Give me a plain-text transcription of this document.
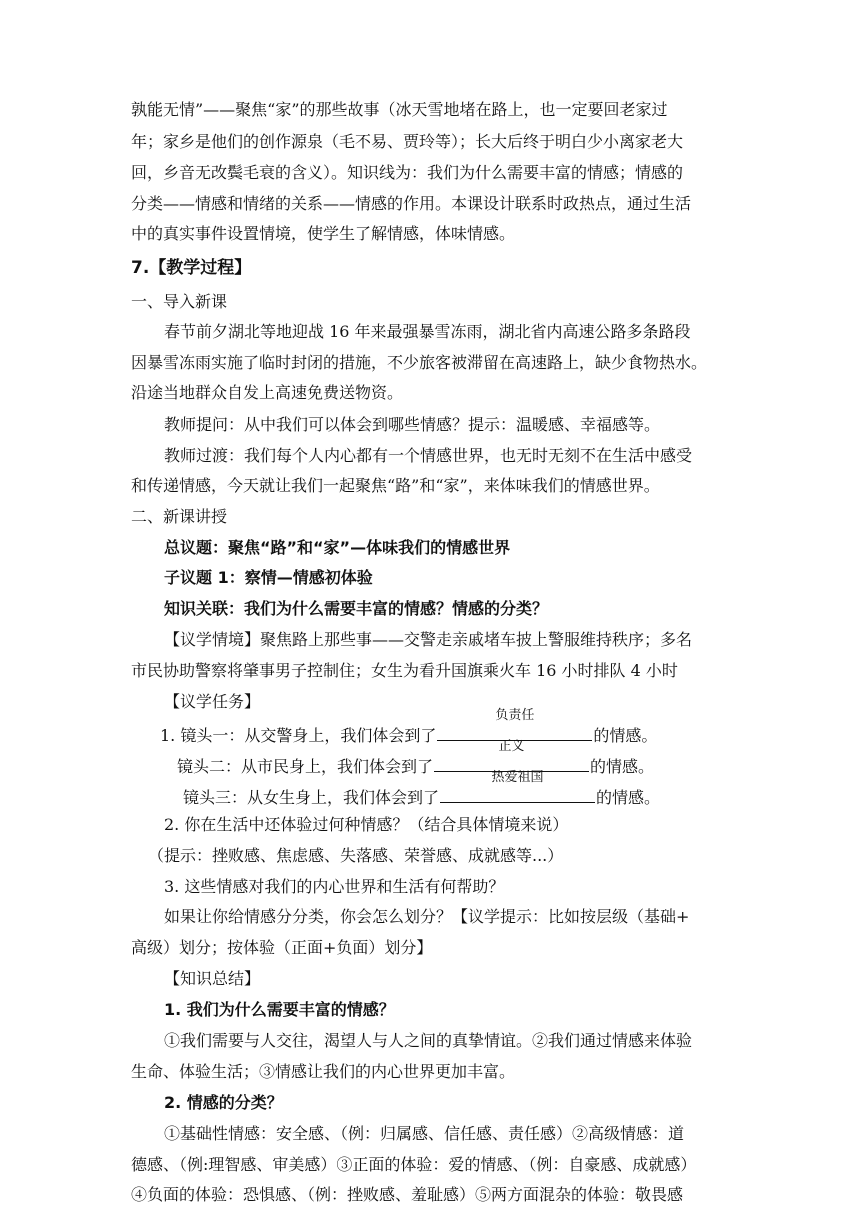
孰能无情”——聚焦“家”的那些故事（冰天雪地堵在路上，也一定要回老家过
年；家乡是他们的创作源泉（毛不易、贾玲等）；长大后终于明白少小离家老大
回，乡音无改鬓毛衰的含义）。知识线为：我们为什么需要丰富的情感；情感的
分类——情感和情绪的关系——情感的作用。本课设计联系时政热点，通过生活
中的真实事件设置情境，使学生了解情感，体味情感。
7.【教学过程】
一、导入新课
春节前夕湖北等地迎战 16 年来最强暴雪冻雨，湖北省内高速公路多条路段
因暴雪冻雨实施了临时封闭的措施，不少旅客被滞留在高速路上，缺少食物热水。
沿途当地群众自发上高速免费送物资。
教师提问：从中我们可以体会到哪些情感？提示：温暖感、幸福感等。
教师过渡：我们每个人内心都有一个情感世界，也无时无刻不在生活中感受
和传递情感，今天就让我们一起聚焦“路”和“家”，来体味我们的情感世界。
二、新课讲授
总议题：聚焦“路”和“家”—体味我们的情感世界
子议题 1：察情—情感初体验
知识关联：我们为什么需要丰富的情感？情感的分类？
【议学情境】聚焦路上那些事——交警走亲戚堵车披上警服维持秩序；多名
市民协助警察将肇事男子控制住；女生为看升国旗乘火车 16 小时排队 4 小时
【议学任务】
1. 镜头一：从交警身上，我们体会到了
负责任
的情感。
镜头二：从市民身上，我们体会到了
正义
的情感。
镜头三：从女生身上，我们体会到了
热爱祖国
的情感。
2. 你在生活中还体验过何种情感？（结合具体情境来说）
（提示：挫败感、焦虑感、失落感、荣誉感、成就感等...）
3. 这些情感对我们的内心世界和生活有何帮助？
如果让你给情感分分类，你会怎么划分？【议学提示：比如按层级（基础+
高级）划分；按体验（正面+负面）划分】
【知识总结】
1. 我们为什么需要丰富的情感？
①我们需要与人交往，渴望人与人之间的真挚情谊。②我们通过情感来体验
生命、体验生活；③情感让我们的内心世界更加丰富。
2. 情感的分类？
①基础性情感：安全感、（例：归属感、信任感、责任感）②高级情感：道
德感、（例:理智感、审美感）③正面的体验：爱的情感、（例：自豪感、成就感）
④负面的体验：恐惧感、（例：挫败感、羞耻感）⑤两方面混杂的体验：敬畏感
